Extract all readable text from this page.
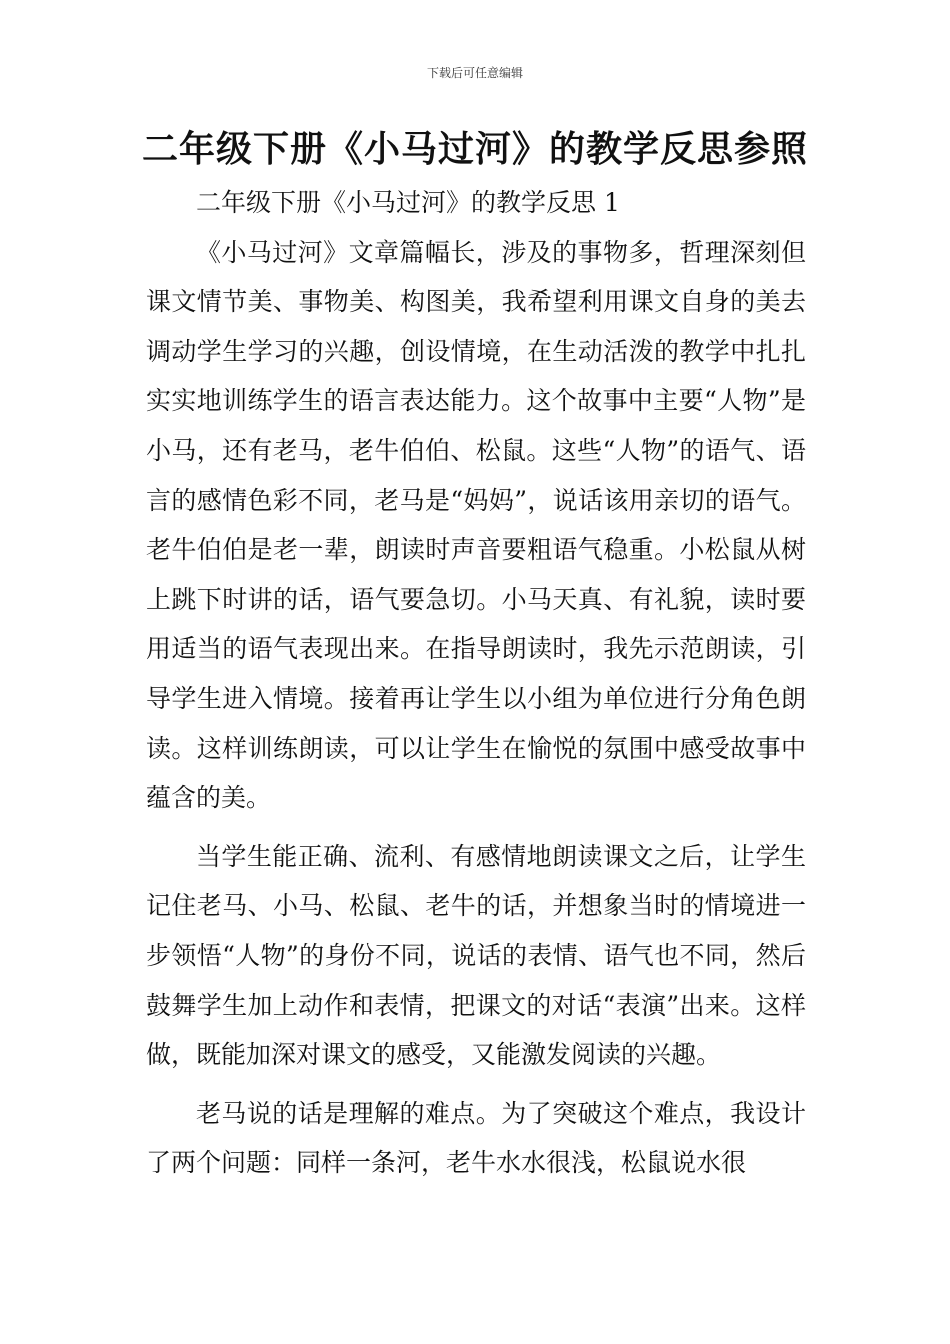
下载后可任意编辑
二年级下册《小马过河》的教学反思参照

二年级下册《小马过河》的教学反思 1

《小马过河》文章篇幅长，涉及的事物多，哲理深刻但课文情节美、事物美、构图美，我希望利用课文自身的美去调动学生学习的兴趣，创设情境，在生动活泼的教学中扎扎实实地训练学生的语言表达能力。这个故事中主要“人物”是小马，还有老马，老牛伯伯、松鼠。这些“人物”的语气、语言的感情色彩不同，老马是“妈妈”，说话该用亲切的语气。老牛伯伯是老一辈，朗读时声音要粗语气稳重。小松鼠从树上跳下时讲的话，语气要急切。小马天真、有礼貌，读时要用适当的语气表现出来。在指导朗读时，我先示范朗读，引导学生进入情境。接着再让学生以小组为单位进行分角色朗读。这样训练朗读，可以让学生在愉悦的氛围中感受故事中蕴含的美。

当学生能正确、流利、有感情地朗读课文之后，让学生记住老马、小马、松鼠、老牛的话，并想象当时的情境进一步领悟“人物”的身份不同，说话的表情、语气也不同，然后鼓舞学生加上动作和表情，把课文的对话“表演”出来。这样做，既能加深对课文的感受，又能激发阅读的兴趣。

老马说的话是理解的难点。为了突破这个难点，我设计了两个问题：同样一条河，老牛水水很浅，松鼠说水很
